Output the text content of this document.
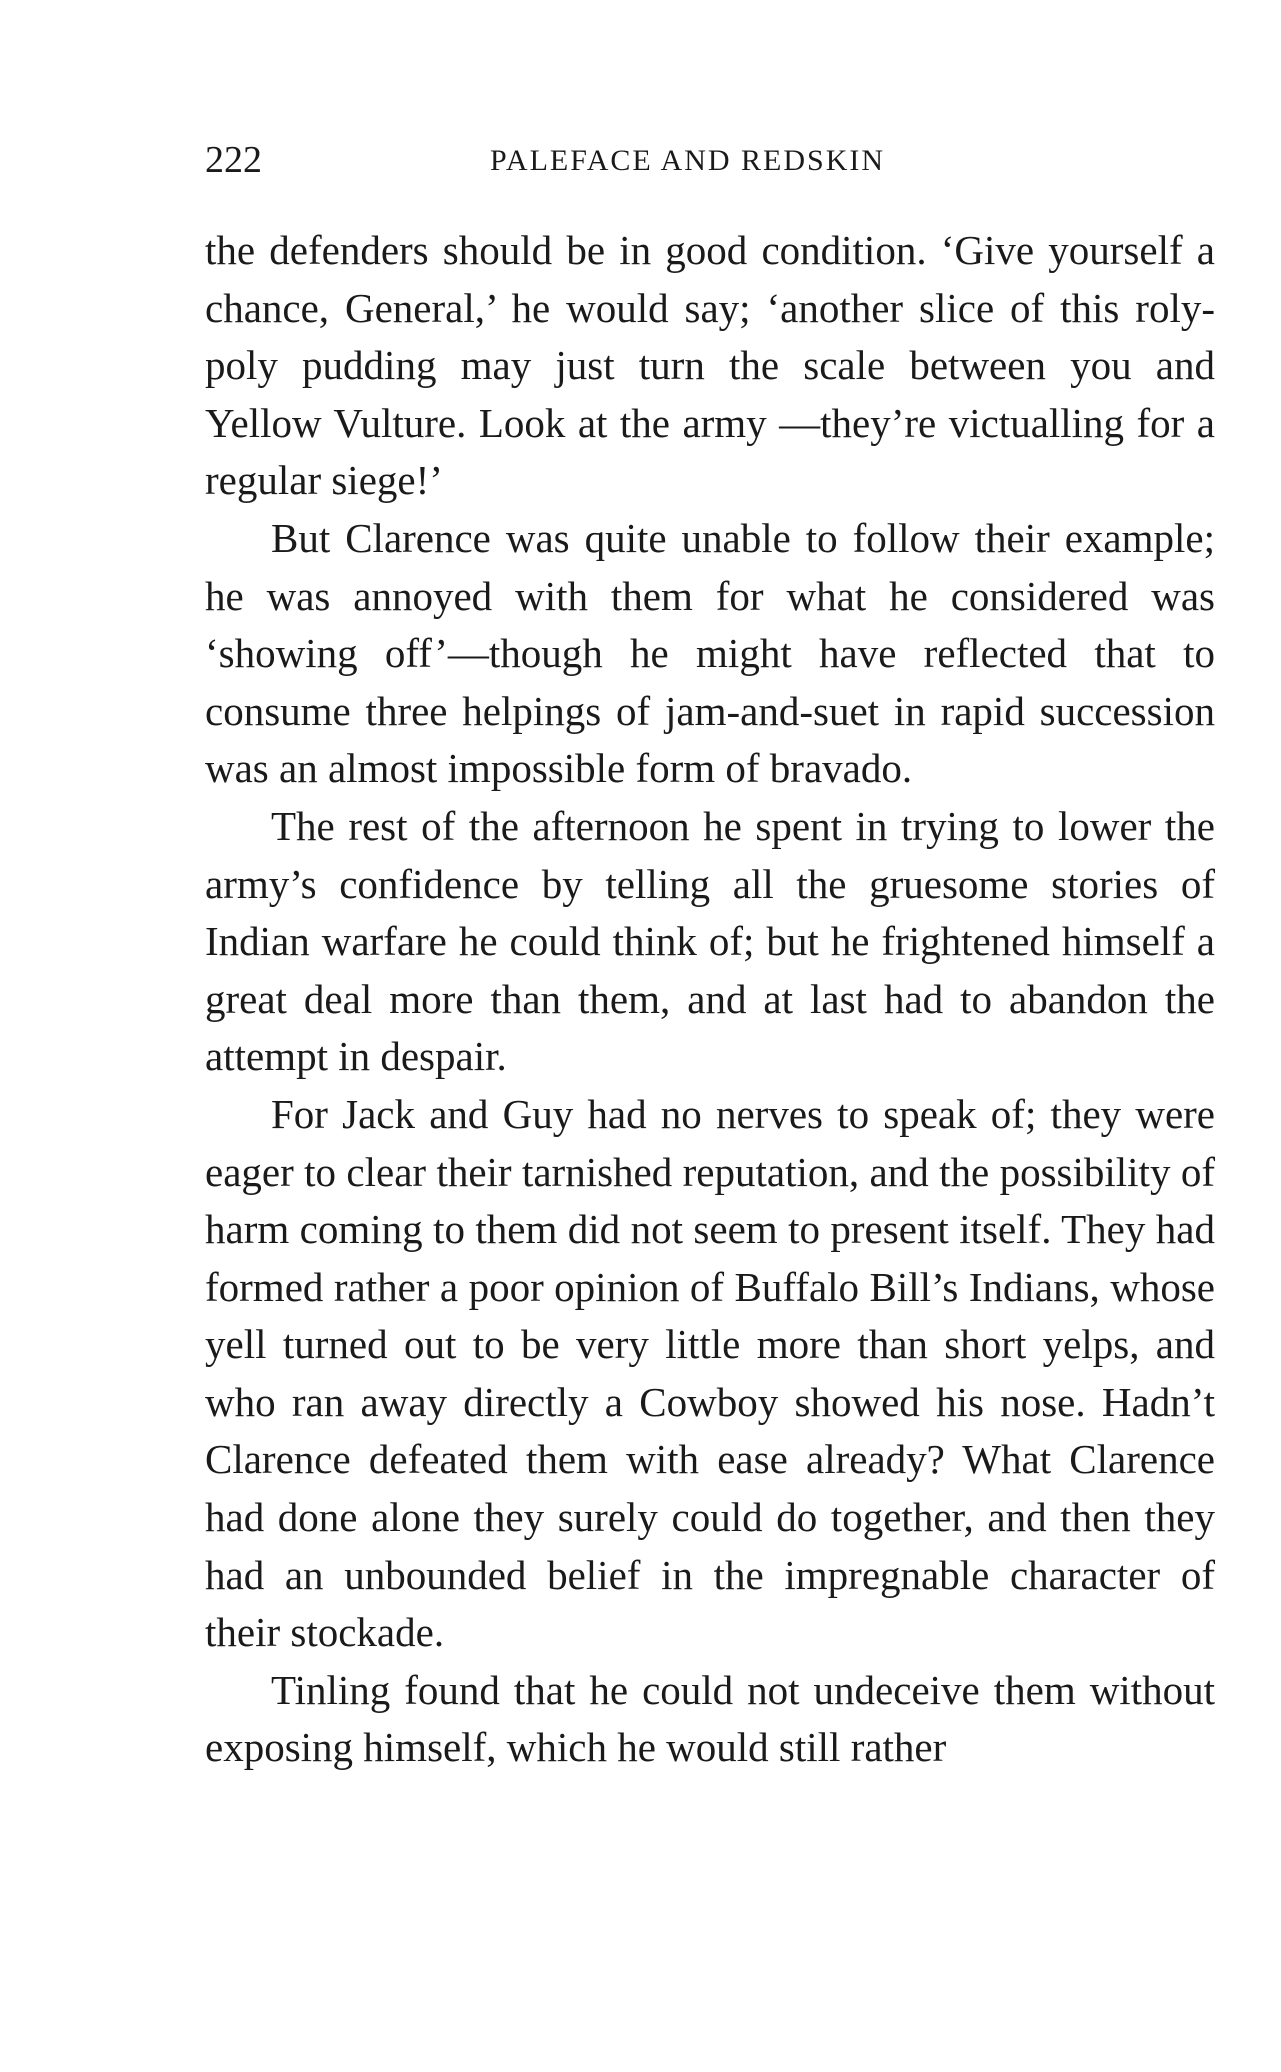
222	PALEFACE AND REDSKIN

the defenders should be in good condition. ‘Give yourself a chance, General,’ he would say; ‘another slice of this roly-poly pudding may just turn the scale between you and Yellow Vulture. Look at the army —they’re victualling for a regular siege!’

But Clarence was quite unable to follow their example; he was annoyed with them for what he considered was ‘showing off’—though he might have reflected that to consume three helpings of jam-and-suet in rapid succession was an almost impossible form of bravado.

The rest of the afternoon he spent in trying to lower the army’s confidence by telling all the gruesome stories of Indian warfare he could think of; but he frightened himself a great deal more than them, and at last had to abandon the attempt in despair.

For Jack and Guy had no nerves to speak of; they were eager to clear their tarnished reputation, and the possibility of harm coming to them did not seem to present itself. They had formed rather a poor opinion of Buffalo Bill’s Indians, whose yell turned out to be very little more than short yelps, and who ran away directly a Cowboy showed his nose. Hadn’t Clarence defeated them with ease already? What Clarence had done alone they surely could do together, and then they had an unbounded belief in the impregnable character of their stockade.

Tinling found that he could not undeceive them without exposing himself, which he would still rather
